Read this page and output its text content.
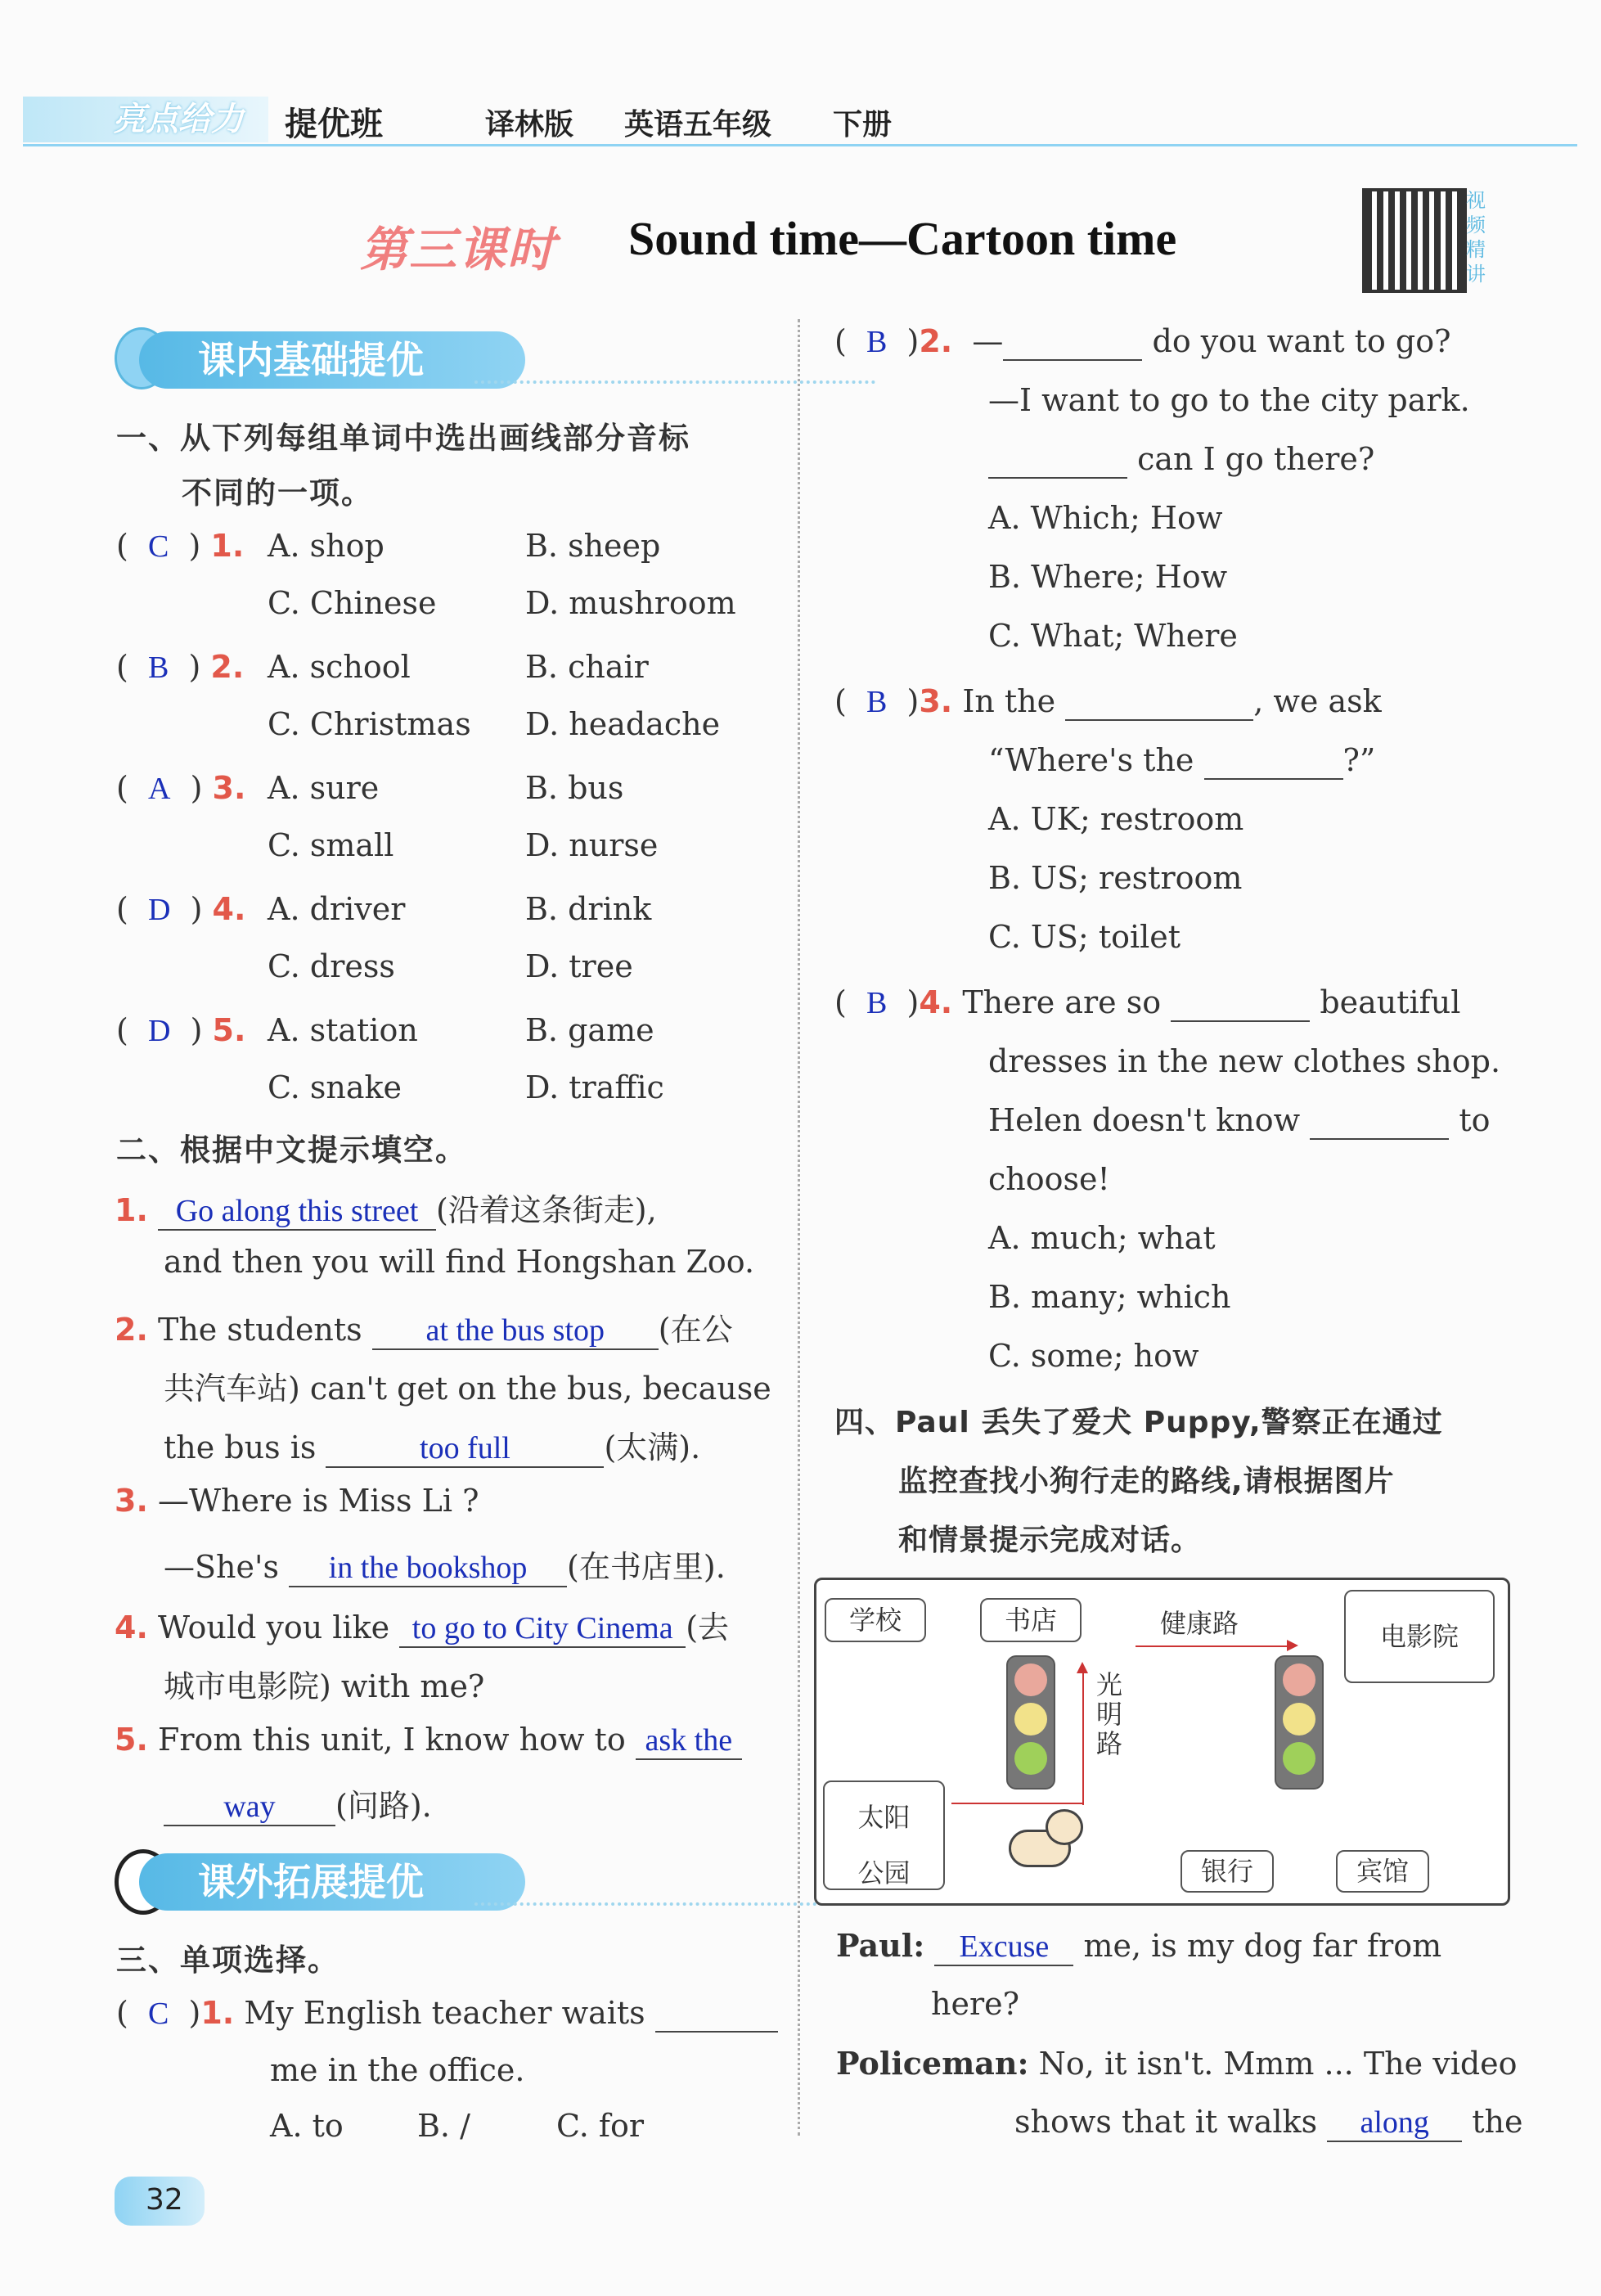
亮点给力	提优班	译林版 英语五年级 下册
第三课时 Sound time—Cartoon time
视频精讲
课内基础提优
一、从下列每组单词中选出画线部分音标
不同的一项。
(  C  ) 1. A. shop	B. sheep
C. Chinese	D. mushroom
(  B  ) 2. A. school	B. chair
C. Christmas D. headache
(  A  ) 3. A. sure	B. bus
C. small	D. nurse
(  D  ) 4. A. driver	B. drink
C. dress	D. tree
(  D  ) 5. A. station	B. game
C. snake	D. traffic
二、根据中文提示填空。
1. Go along this street (沿着这条街走),
and then you will find Hongshan Zoo.
2. The students at the bus stop (在公
共汽车站) can't get on the bus, because
the bus is	too full	(太满).
3. —Where is Miss Li ?
—She's in the bookshop (在书店里).
4. Would you like to go to City Cinema (去
城市电影院) with me?
5. From this unit, I know how to ask the
way (问路).
课外拓展提优
三、单项选择。
(  C  )1. My English teacher waits
me in the office.
A. to B. /	C. for
(  B  )2.  —	do you want to go?
—I want to go to the city park.
can I go there?
A. Which; How
B. Where; How
C. What; Where
(  B  )3. In the	, we ask
“Where's the	?”
A. UK; restroom
B. US; restroom
C. US; toilet
(  B  )4. There are so	beautiful
dresses in the new clothes shop.
Helen doesn't know	to
choose!
A. much; what
B. many; which
C. some; how
四、Paul 丢失了爱犬 Puppy,警察正在通过
监控查找小狗行走的路线,请根据图片
和情景提示完成对话。
学校	书店	健康路	电影院
光明路
太阳
公园	银行	宾馆
Paul: Excuse me, is my dog far from
here?
Policeman: No, it isn't. Mmm ... The video
shows that it walks along the
32
